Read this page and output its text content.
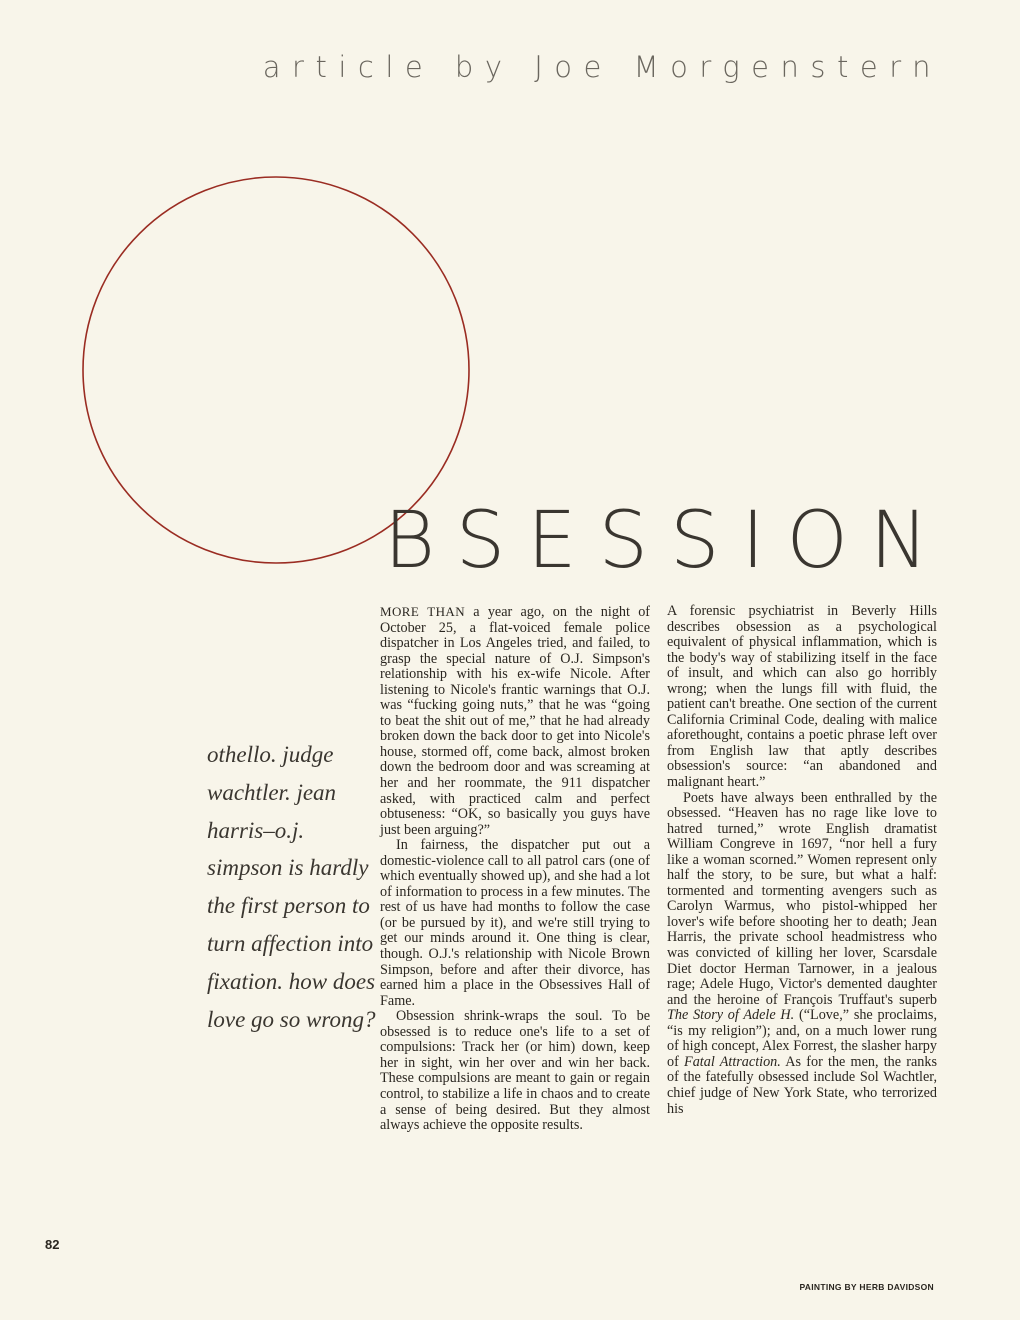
article by Joe Morgenstern
BSESSION
othello. judge wachtler. jean harris–o.j. simpson is hardly the first person to turn affection into fixation. how does love go so wrong?

MORE THAN a year ago, on the night of October 25, a flat-voiced female police dispatcher in Los Angeles tried, and failed, to grasp the special nature of O.J. Simpson's relationship with his ex-wife Nicole. After listening to Nicole's frantic warnings that O.J. was “fucking going nuts,” that he was “going to beat the shit out of me,” that he had already broken down the back door to get into Nicole's house, stormed off, come back, almost broken down the bedroom door and was screaming at her and her roommate, the 911 dispatcher asked, with practiced calm and perfect obtuseness: “OK, so basically you guys have just been arguing?”

In fairness, the dispatcher put out a domestic-violence call to all patrol cars (one of which eventually showed up), and she had a lot of information to process in a few minutes. The rest of us have had months to follow the case (or be pursued by it), and we're still trying to get our minds around it. One thing is clear, though. O.J.'s relationship with Nicole Brown Simpson, before and after their divorce, has earned him a place in the Obsessives Hall of Fame.

Obsession shrink-wraps the soul. To be obsessed is to reduce one's life to a set of compulsions: Track her (or him) down, keep her in sight, win her over and win her back. These compulsions are meant to gain or regain control, to stabilize a life in chaos and to create a sense of being desired. But they almost always achieve the opposite results.

A forensic psychiatrist in Beverly Hills describes obsession as a psychological equivalent of physical inflammation, which is the body's way of stabilizing itself in the face of insult, and which can also go horribly wrong; when the lungs fill with fluid, the patient can't breathe. One section of the current California Criminal Code, dealing with malice aforethought, contains a poetic phrase left over from English law that aptly describes obsession's source: “an abandoned and malignant heart.”

Poets have always been enthralled by the obsessed. “Heaven has no rage like love to hatred turned,” wrote English dramatist William Congreve in 1697, “nor hell a fury like a woman scorned.” Women represent only half the story, to be sure, but what a half: tormented and tormenting avengers such as Carolyn Warmus, who pistol-whipped her lover's wife before shooting her to death; Jean Harris, the private school headmistress who was convicted of killing her lover, Scarsdale Diet doctor Herman Tarnower, in a jealous rage; Adele Hugo, Victor's demented daughter and the heroine of François Truffaut's superb The Story of Adele H. (“Love,” she proclaims, “is my religion”); and, on a much lower rung of high concept, Alex Forrest, the slasher harpy of Fatal Attraction. As for the men, the ranks of the fatefully obsessed include Sol Wachtler, chief judge of New York State, who terrorized his

82
PAINTING BY HERB DAVIDSON
